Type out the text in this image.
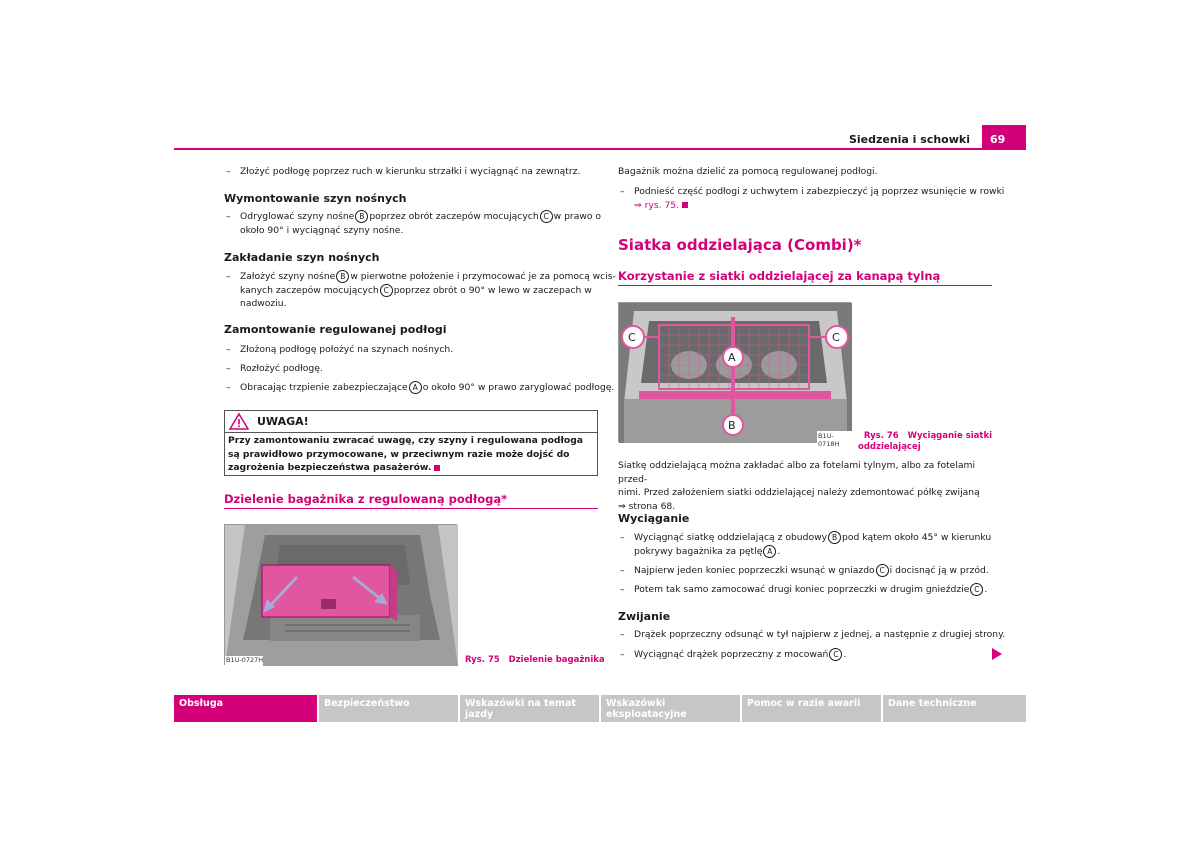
Siedzenia i schowki 69
– Złożyć podłogę poprzez ruch w kierunku strzałki i wyciągnąć na zewnątrz.
Wymontowanie szyn nośnych
– Odryglować szyny nośne B poprzez obrót zaczepów mocujących C w prawo o
około 90° i wyciągnąć szyny nośne.
Zakładanie szyn nośnych
– Założyć szyny nośne B w pierwotne położenie i przymocować je za pomocą wcis-
kanych zaczepów mocujących C poprzez obrót o 90° w lewo w zaczepach w
nadwoziu.
Zamontowanie regulowanej podłogi
– Złożoną podłogę położyć na szynach nośnych.
– Rozłożyć podłogę.
– Obracając trzpienie zabezpieczające A o około 90° w prawo zaryglować podłogę.
UWAGA!
Przy zamontowaniu zwracać uwagę, czy szyny i regulowana podłoga są prawidłowo przymocowane, w przeciwnym razie może dojść do zagrożenia bezpieczeństwa pasażerów.
Dzielenie bagażnika z regulowaną podłogą*
B1U-0727H	Rys. 75   Dzielenie bagażnika
Bagażnik można dzielić za pomocą regulowanej podłogi.
– Podnieść część podłogi z uchwytem i zabezpieczyć ją poprzez wsunięcie w rowki
⇒ rys. 75.
Siatka oddzielająca (Combi)*
Korzystanie z siatki oddzielającej za kanapą tylną
C	C
A
B
B1U-0718H

Rys. 76   Wyciąganie siatki
oddzielającej

Siatkę oddzielającą można zakładać albo za fotelami tylnym, albo za fotelami przed-
nimi. Przed założeniem siatki oddzielającej należy zdemontować półkę zwijaną
⇒ strona 68.
Wyciąganie
– Wyciągnąć siatkę oddzielającą z obudowy B pod kątem około 45° w kierunku
pokrywy bagażnika za pętlę A .
– Najpierw jeden koniec poprzeczki wsunąć w gniazdo C i docisnąć ją w przód.
– Potem tak samo zamocować drugi koniec poprzeczki w drugim gnieździe C .
Zwijanie
– Drążek poprzeczny odsunąć w tył najpierw z jednej, a następnie z drugiej strony.
– Wyciągnąć drążek poprzeczny z mocowań C .
Obsługa	Bezpieczeństwo	Wskazówki na temat jazdy
Wskazówki eksploatacyjne
Pomoc w razie awarii	Dane techniczne
